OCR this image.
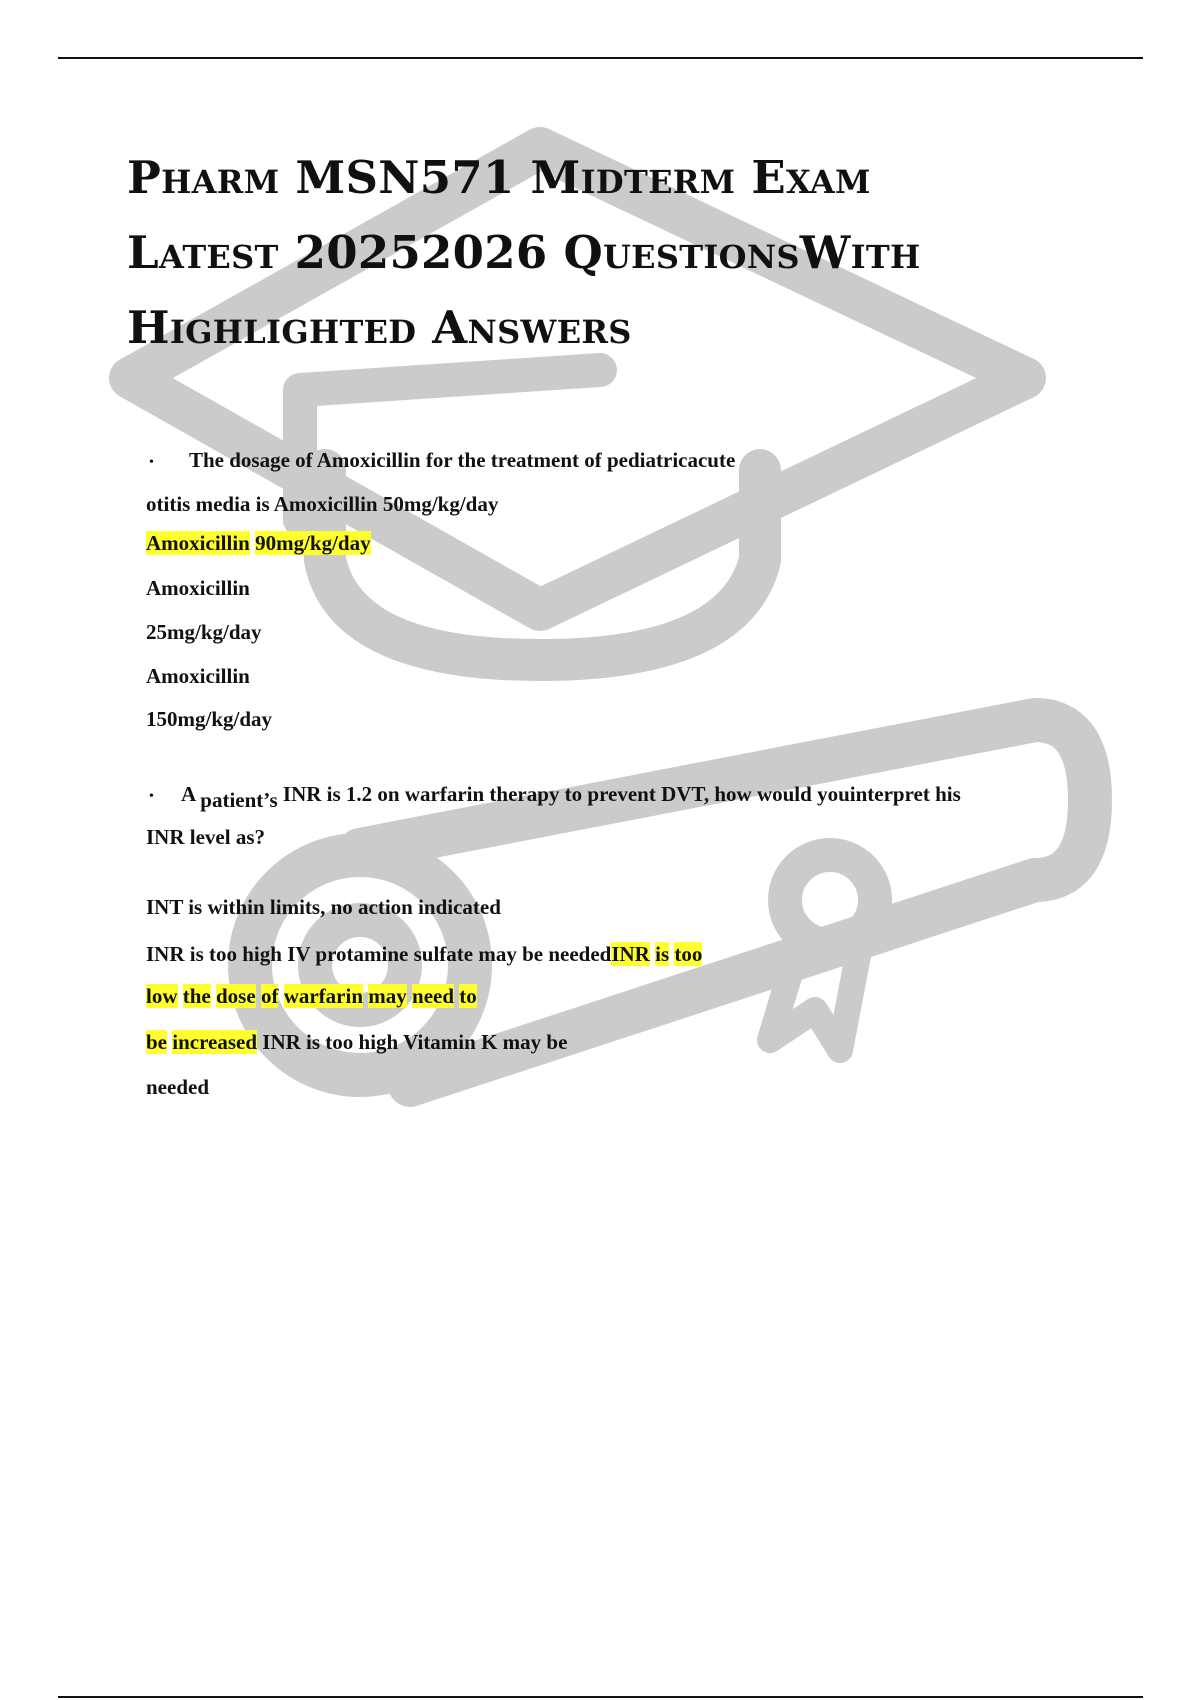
Pharm MSN571 Midterm Exam
Latest 20252026 QuestionsWith
Highlighted Answers
• The dosage of Amoxicillin for the treatment of pediatricacute
otitis media is Amoxicillin 50mg/kg/day
Amoxicillin 90mg/kg/day
Amoxicillin
25mg/kg/day
Amoxicillin
150mg/kg/day
• A patient’s INR is 1.2 on warfarin therapy to prevent DVT, how would youinterpret his
INR level as?
INT is within limits, no action indicated
INR is too high IV protamine sulfate may be neededINR is too
low the dose of warfarin may need to
be increased INR is too high Vitamin K may be
needed
